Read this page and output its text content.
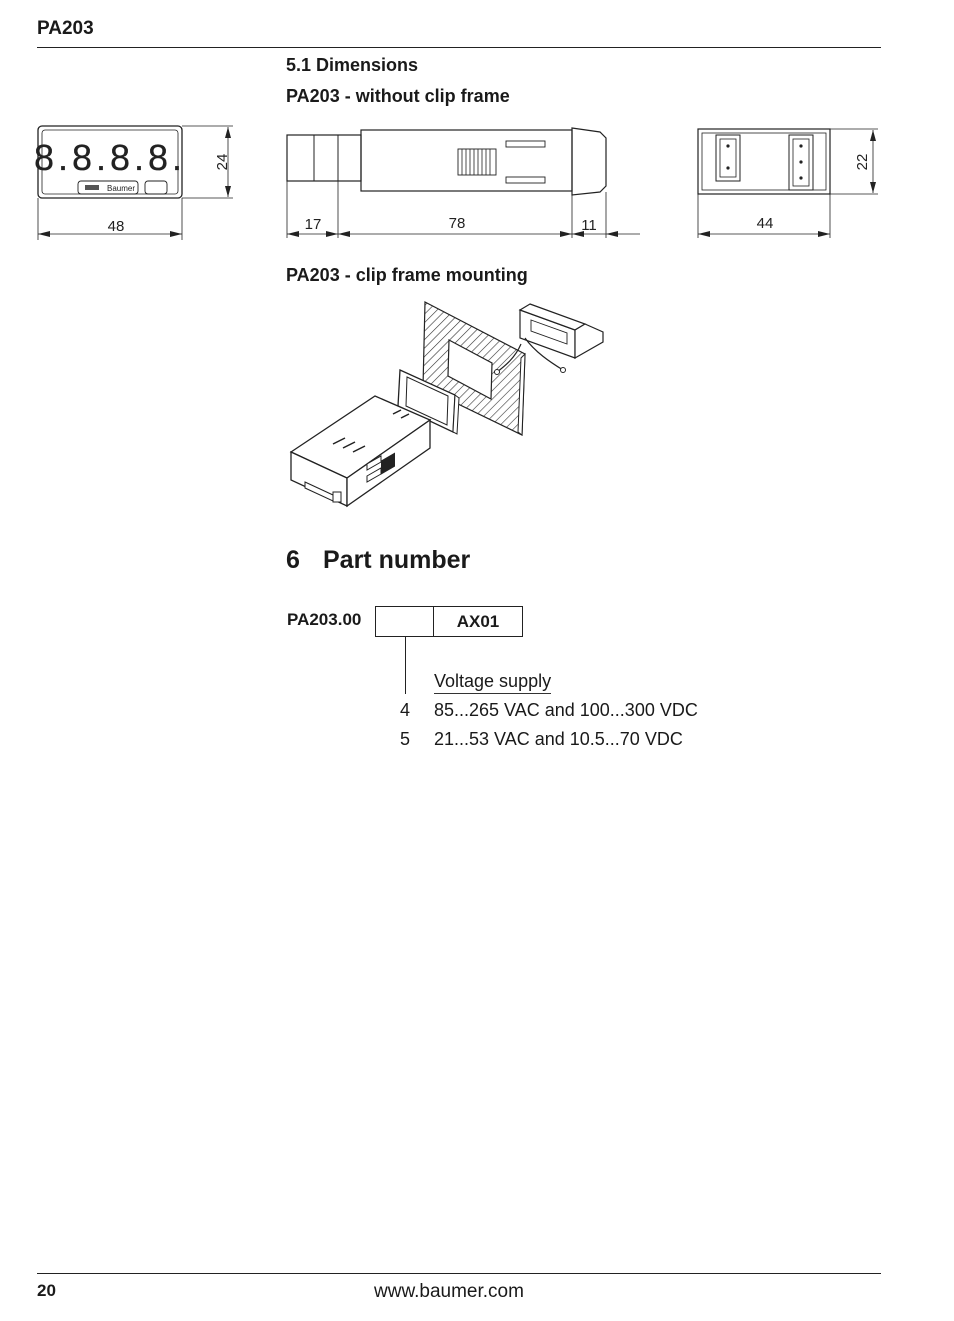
PA203
5.1 Dimensions
PA203 - without clip frame
8.8.8.8.
Baumer
24
48	17	78	11
22
44
PA203 - clip frame mounting
6 Part number
PA203.00	AX01
Voltage supply
4 85...265 VAC and 100...300 VDC
5 21...53 VAC and 10.5...70 VDC
20	www.baumer.com
